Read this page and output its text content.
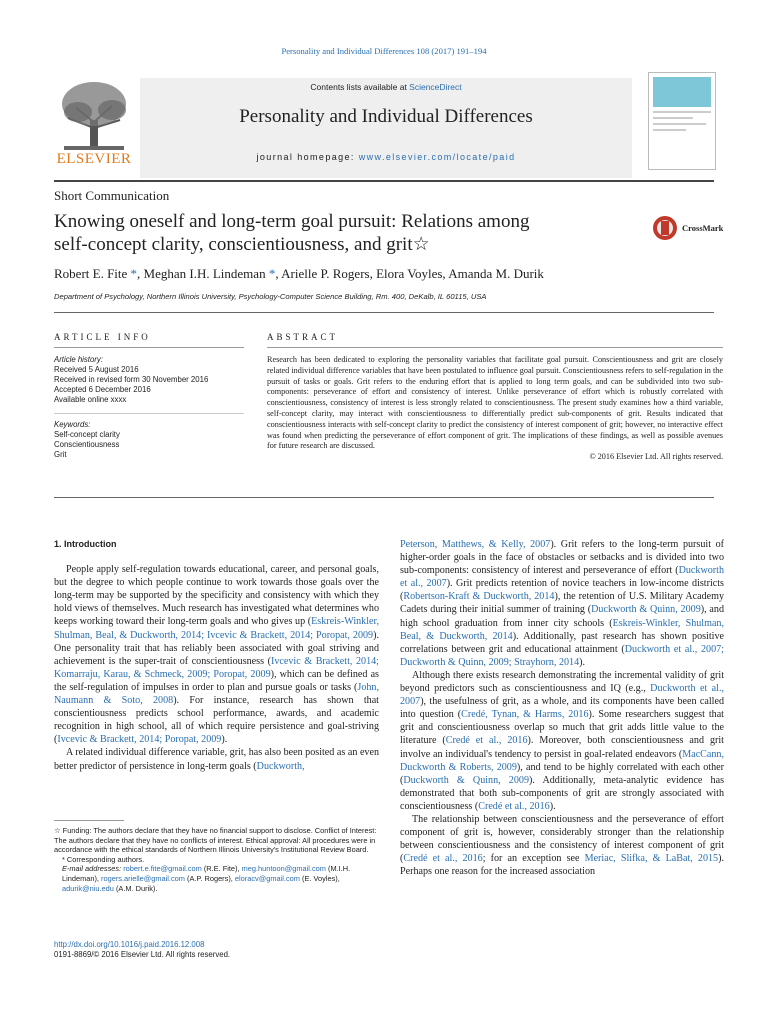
Personality and Individual Differences 108 (2017) 191–194
ELSEVIER
Contents lists available at ScienceDirect
Personality and Individual Differences
journal homepage: www.elsevier.com/locate/paid
Short Communication
Knowing oneself and long-term goal pursuit: Relations among
self-concept clarity, conscientiousness, and grit☆
CrossMark
Robert E. Fite *, Meghan I.H. Lindeman *, Arielle P. Rogers, Elora Voyles, Amanda M. Durik
Department of Psychology, Northern Illinois University, Psychology-Computer Science Building, Rm. 400, DeKalb, IL 60115, USA
ARTICLE INFO	ABSTRACT
Article history:
Received 5 August 2016
Received in revised form 30 November 2016
Accepted 6 December 2016
Available online xxxx
Keywords:
Self-concept clarity
Conscientiousness
Grit
Research has been dedicated to exploring the personality variables that facilitate goal pursuit. Conscientiousness and grit are closely related individual difference variables that have been postulated to influence goal pursuit. Conscientiousness refers to self-regulation in the pursuit of tasks or goals. Grit refers to the enduring effort that is applied to long term goals, and can be subdivided into two sub-components: perseverance of effort and consistency of interest. Unlike perseverance of effort which is robustly correlated with conscientiousness, consistency of interest is less strongly related to conscientiousness. The present study examines how a third variable, self-concept clarity, may interact with conscientiousness to differentially predict sub-components of grit. Results indicated that conscientiousness interacts with self-concept clarity to predict the consistency of interest component of grit; however, no interactive effect was found when predicting the perseverance of effort component of grit. The implications of these findings, as well as possible avenues for future research are discussed.
© 2016 Elsevier Ltd. All rights reserved.
1. Introduction

People apply self-regulation towards educational, career, and personal goals, but the degree to which people continue to work towards those goals over the long-term may be supported by the specificity and consistency with which they hold views of themselves. Much research has investigated what determines who keeps working toward their long-term goals and who gives up (Eskreis-Winkler, Shulman, Beal, & Duckworth, 2014; Ivcevic & Brackett, 2014; Poropat, 2009). One personality trait that has reliably been associated with goal striving and achievement is the super-trait of conscientiousness (Ivcevic & Brackett, 2014; Komarraju, Karau, & Schmeck, 2009; Poropat, 2009), which can be defined as the self-regulation of impulses in order to plan and pursue goals or tasks (John, Naumann & Soto, 2008). For instance, research has shown that conscientiousness predicts school performance, awards, and academic recognition in high school, all of which require persistence and goal-striving (Ivcevic & Brackett, 2014; Poropat, 2009).

A related individual difference variable, grit, has also been posited as an even better predictor of persistence in long-term goals (Duckworth,

Peterson, Matthews, & Kelly, 2007). Grit refers to the long-term pursuit of higher-order goals in the face of obstacles or setbacks and is divided into two sub-components: consistency of interest and perseverance of effort (Duckworth et al., 2007). Grit predicts retention of novice teachers in low-income districts (Robertson-Kraft & Duckworth, 2014), the retention of U.S. Military Academy Cadets during their initial summer of training (Duckworth & Quinn, 2009), and high school graduation from inner city schools (Eskreis-Winkler, Shulman, Beal, & Duckworth, 2014). Additionally, past research has shown positive correlations between grit and educational attainment (Duckworth et al., 2007; Duckworth & Quinn, 2009; Strayhorn, 2014).

Although there exists research demonstrating the incremental validity of grit beyond predictors such as conscientiousness and IQ (e.g., Duckworth et al., 2007), the usefulness of grit, as a whole, and its components have been called into question (Credé, Tynan, & Harms, 2016). Some researchers suggest that grit and conscientiousness overlap so much that grit adds little value to the literature (Credé et al., 2016). Moreover, both conscientiousness and grit involve an individual's tendency to persist in goal-related endeavors (MacCann, Duckworth & Roberts, 2009), and tend to be highly correlated with each other (Duckworth & Quinn, 2009). Additionally, meta-analytic evidence has demonstrated that both sub-components of grit are strongly associated with conscientiousness (Credé et al., 2016).

The relationship between conscientiousness and the perseverance of effort component of grit is, however, considerably stronger than the relationship between conscientiousness and the consistency of interest component of grit (Credé et al., 2016; for an exception see Meriac, Slifka, & LaBat, 2015). Perhaps one reason for the increased association

☆ Funding: The authors declare that they have no financial support to disclose. Conflict of Interest: The authors declare that they have no conflicts of interest. Ethical approval: All procedures were in accordance with the ethical standards of Northern Illinois University's Institutional Review Board.
* Corresponding authors.
E-mail addresses: robert.e.fite@gmail.com (R.E. Fite), meg.huntoon@gmail.com (M.I.H. Lindeman), rogers.arielle@gmail.com (A.P. Rogers), eloracv@gmail.com (E. Voyles), adurik@niu.edu (A.M. Durik).
http://dx.doi.org/10.1016/j.paid.2016.12.008
0191-8869/© 2016 Elsevier Ltd. All rights reserved.
